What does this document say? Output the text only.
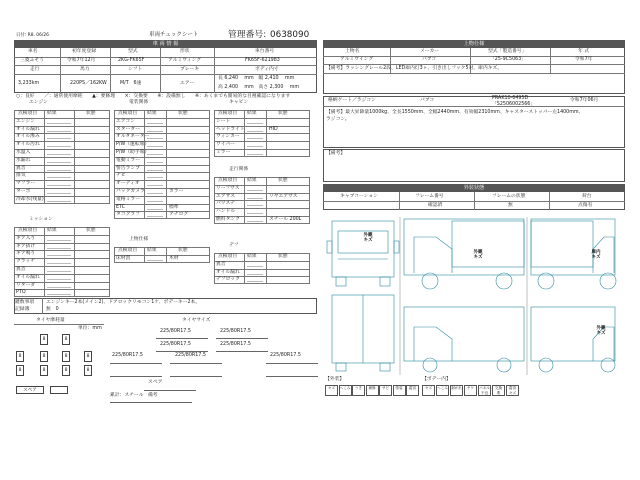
日付: R8. 06/26	車両チェックシート	管理番号: 0638090
車 両 情 報
車名	初年度登録	型式	形状	車台番号
三菱ふそう	令和7年12月	2KG-FK65F	アルミウィング	FK65F-621983
走行	馬力	シフト	ブレーキ	ボディ内寸
3,233km	220PS／162KW	M/T　6速	エアー
長 6,240　 mm　幅 2,410　 mm
高 2,400　 mm　高さ 2,300 　mm
上物仕様
上物名	メーカー	型式「製造番号」	年 式
アルミウイング	パブコ	「25-9C5063」	令和7年
【備考】ラッシングレール2段、LED庫内灯3ヶ、引き出しフック5対、庫内キズ。
格納ゲート／ラジコン	パブコ	PRAK10-6495D
「S2506002566」
令和7年06月
【備考】最大昇降量1000kg、全長1550mm、全幅2440mm、有効幅2310mm、キャスターストッパー左1400mm、
ラジコン。
【備考】
外装状態
キャブコーション	フレーム番号	フレームの状態	荷台
確認済	無	点傷有
○：良好　　／：通常使用摩耗　　▲：要修理　　×：交換要　　※：設備無し　　※：あくまでも簡易的な目視確認になります
エンジン
点検項目 結果	状態
エンジン
オイル漏れ
オイル滲み
オイル汚れ
水温入
水漏れ
異音
排気
マフラー
ターボ
冷却水(残量)
ミッション
点検項目 結果	状態
ギア入り
ギア抜け
ギア鳴り
クラッチ
異音
オイル漏れ
リターダ
PTO
電装関係
点検項目 結果	状態
エアコン
スターター
オルタネーター
P/W（運転席）
P/W（助手席）
電動ミラー
警告ランプ
ナビ
オーディオ
バックカメラ	カラー
電格ミラー
ETC	標準
タコグラフ	アナログ
上物仕様
点検項目 結果	状態
床材質	木材
キャビン
点検項目 結果	状態
シート
ヘッドライト	HID
ウィンカー
ワイパー
ミラー
走行関係
点検項目 結果	状態
リーフサス
エアサス	リヤエアサス
パワステ
ハンドル
燃料タンク	スチール 200L
デフ
点検項目 結果	状態
異音
オイル漏れ
デフロック
鍵数事項 エンジンキー2本(メイン2)、ドアロックリモコン1ケ、ボデーキー2本。
記録簿	無　0
タイヤ摩耗量
単位：mm
8	8
8	8	8	8
8	8	8	8
スペア
タイヤサイズ
225/80R17.5	225/80R17.5
225/80R17.5	225/80R17.5
225/80R17.5	225/80R17.5	225/80R17.5
スペア
累計：スチール 備考
外観
キズ
外観
キズ
庫内
キズ
外観
キズ
【外装】	【ボデー内】
キズ	へこみ	うき	補修	サビ	塗装	腐食	キズ	へこみ 剥がれ	ヤケ	パネル 不良
交換 要
腐食 キズ
